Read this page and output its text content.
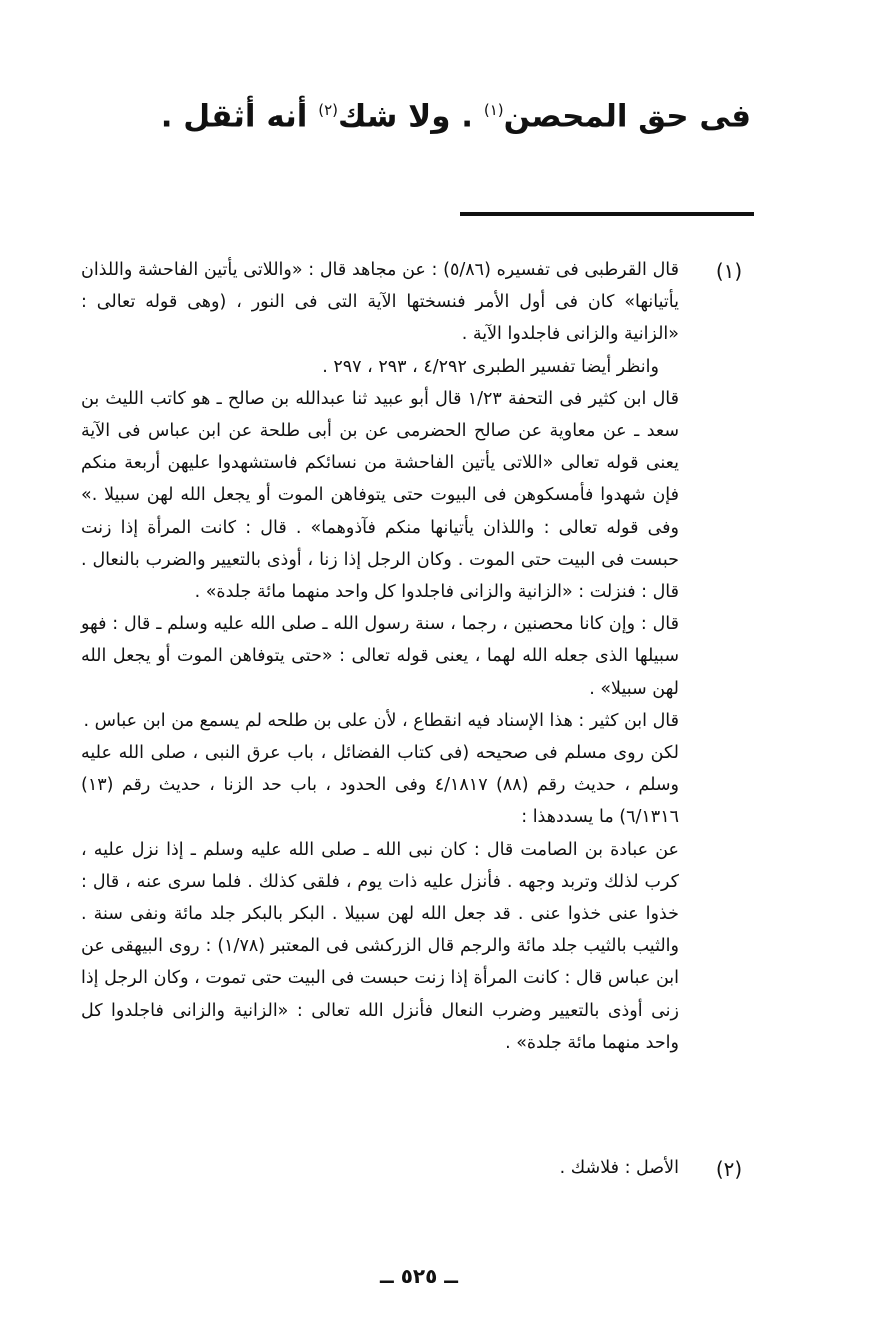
فى حق المحصن$^{(١)}$ . ولا شك$^{(٢)}$ أنه أثقل .
(١)

قال القرطبى فى تفسيره (٥/٨٦) : عن مجاهد قال : «واللاتى يأتين الفاحشة واللذان يأتيانها» كان فى أول الأمر فنسختها الآية التى فى النور ، (وهى قوله تعالى : «الزانية والزانى فاجلدوا الآية .

وانظر أيضا تفسير الطبرى ٤/٢٩٢ ، ٢٩٣ ، ٢٩٧ .

قال ابن كثير فى التحفة ١/٢٣ قال أبو عبيد ثنا عبدالله بن صالح ـ هو كاتب الليث بن سعد ـ عن معاوية عن صالح الحضرمى عن بن أبى طلحة عن ابن عباس فى الآية يعنى قوله تعالى «اللاتى يأتين الفاحشة من نسائكم فاستشهدوا عليهن أربعة منكم فإن شهدوا فأمسكوهن فى البيوت حتى يتوفاهن الموت أو يجعل الله لهن سبيلا .» وفى قوله تعالى : واللذان يأتيانها منكم فآذوهما» . قال : كانت المرأة إذا زنت حبست فى البيت حتى الموت . وكان الرجل إذا زنا ، أوذى بالتعيير والضرب بالنعال . قال : فنزلت : «الزانية والزانى فاجلدوا كل واحد منهما مائة جلدة» .

قال : وإن كانا محصنين ، رجما ، سنة رسول الله ـ صلى الله عليه وسلم ـ قال : فهو سبيلها الذى جعله الله لهما ، يعنى قوله تعالى : «حتى يتوفاهن الموت أو يجعل الله لهن سبيلا» .

قال ابن كثير : هذا الإسناد فيه انقطاع ، لأن على بن طلحه لم يسمع من ابن عباس .

لكن روى مسلم فى صحيحه (فى كتاب الفضائل ، باب عرق النبى ، صلى الله عليه وسلم ، حديث رقم (٨٨) ٤/١٨١٧ وفى الحدود ، باب حد الزنا ، حديث رقم (١٣) ٦/١٣١٦) ما يسددهذا :

عن عبادة بن الصامت قال : كان نبى الله ـ صلى الله عليه وسلم ـ إذا نزل عليه ، كرب لذلك وتربد وجهه . فأنزل عليه ذات يوم ، فلقى كذلك . فلما سرى عنه ، قال : خذوا عنى خذوا عنى . قد جعل الله لهن سبيلا . البكر بالبكر جلد مائة ونفى سنة . والثيب بالثيب جلد مائة والرجم قال الزركشى فى المعتبر (١/٧٨) : روى البيهقى عن ابن عباس قال : كانت المرأة إذا زنت حبست فى البيت حتى تموت ، وكان الرجل إذا زنى أوذى بالتعيير وضرب النعال فأنزل الله تعالى : «الزانية والزانى فاجلدوا كل واحد منهما مائة جلدة» .

(٢)

الأصل : فلاشك .

ــ ٥٢٥ ــ
